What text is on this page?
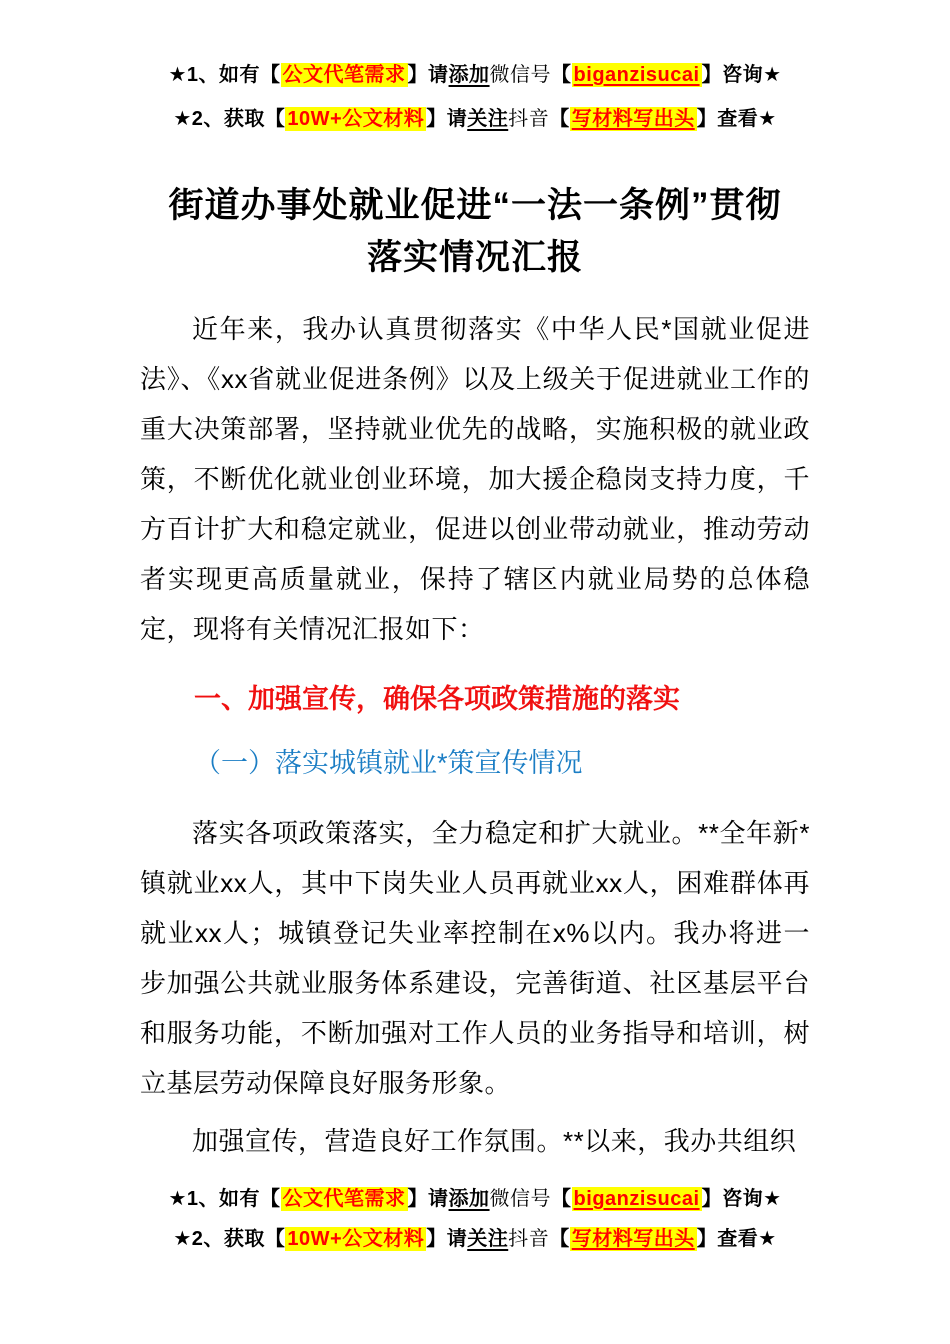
★1、如有【 公文代笔需求 】请添加微信号【 biganzisucai 】咨询★
★2、获取【 10W+公文材料 】请关注抖音【 写材料写出头 】查看★
街道办事处就业促进“一法一条例”贯彻
落实情况汇报

近年来，我办认真贯彻落实《中华人民*国就业促进法》、《xx省就业促进条例》以及上级关于促进就业工作的重大决策部署，坚持就业优先的战略，实施积极的就业政策，不断优化就业创业环境，加大援企稳岗支持力度，千方百计扩大和稳定就业，促进以创业带动就业，推动劳动者实现更高质量就业，保持了辖区内就业局势的总体稳定，现将有关情况汇报如下：

一、加强宣传，确保各项政策措施的落实
（一）落实城镇就业*策宣传情况

落实各项政策落实，全力稳定和扩大就业。**全年新*镇就业xx人，其中下岗失业人员再就业xx人，困难群体再就业xx人；城镇登记失业率控制在x%以内。我办将进一步加强公共就业服务体系建设，完善街道、社区基层平台和服务功能，不断加强对工作人员的业务指导和培训，树立基层劳动保障良好服务形象。

加强宣传，营造良好工作氛围。**以来，我办共组织

★1、如有【 公文代笔需求 】请添加微信号【 biganzisucai 】咨询★
★2、获取【 10W+公文材料 】请关注抖音【 写材料写出头 】查看★
